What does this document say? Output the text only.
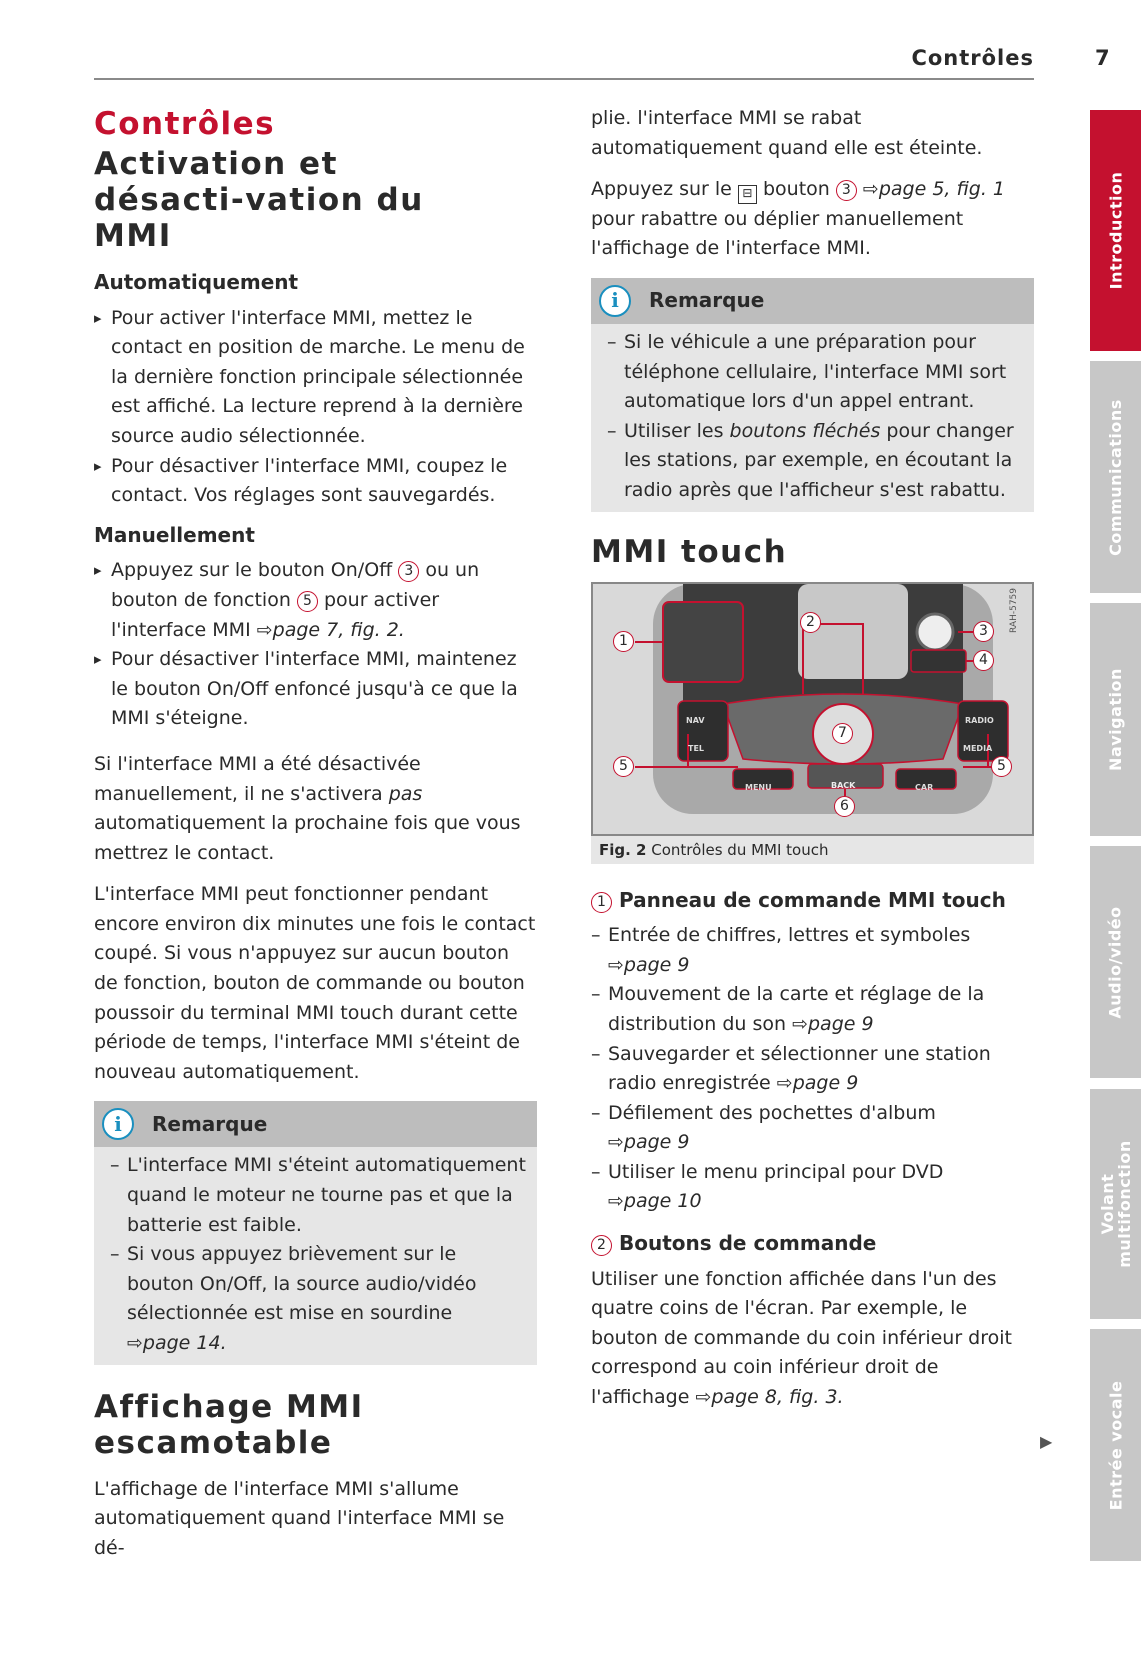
Contrôles	7
Contrôles
Activation et désacti-vation du MMI
Automatiquement
▸ Pour activer l'interface MMI, mettez le contact en position de marche. Le menu de la dernière fonction principale sélectionnée est affiché. La lecture reprend à la dernière source audio sélectionnée.
▸ Pour désactiver l'interface MMI, coupez le contact. Vos réglages sont sauvegardés.
Manuellement
▸ Appuyez sur le bouton On/Off 3 ou un bouton de fonction 5 pour activer l'interface MMI ⇨page 7, fig. 2.
▸ Pour désactiver l'interface MMI, maintenez le bouton On/Off enfoncé jusqu'à ce que la MMI s'éteigne.

Si l'interface MMI a été désactivée manuellement, il ne s'activera pas automatiquement la prochaine fois que vous mettrez le contact.

L'interface MMI peut fonctionner pendant encore environ dix minutes une fois le contact coupé. Si vous n'appuyez sur aucun bouton de fonction, bouton de commande ou bouton poussoir du terminal MMI touch durant cette période de temps, l'interface MMI s'éteint de nouveau automatiquement.

i	Remarque
– L'interface MMI s'éteint automatiquement quand le moteur ne tourne pas et que la batterie est faible.
– Si vous appuyez brièvement sur le bouton On/Off, la source audio/vidéo sélectionnée est mise en sourdine
⇨page 14.
Affichage MMI escamotable

L'affichage de l'interface MMI s'allume automatiquement quand l'interface MMI se dé-

plie. l'interface MMI se rabat automatiquement quand elle est éteinte.

Appuyez sur le ⊟ bouton 3 ⇨page 5, fig. 1 pour rabattre ou déplier manuellement l'affichage de l'interface MMI.

i	Remarque
– Si le véhicule a une préparation pour téléphone cellulaire, l'interface MMI sort automatique lors d'un appel entrant.
– Utiliser les boutons fléchés pour changer les stations, par exemple, en écoutant la radio après que l'afficheur s'est rabattu.
MMI touch
RAH-5759
NAV
TEL
MENU	BACK	CAR
RADIO
MEDIA
1
2
3
4
5	5
6
7
Fig. 2 Contrôles du MMI touch
1 Panneau de commande MMI touch
– Entrée de chiffres, lettres et symboles
⇨page 9
– Mouvement de la carte et réglage de la distribution du son ⇨page 9
– Sauvegarder et sélectionner une station radio enregistrée ⇨page 9
– Défilement des pochettes d'album
⇨page 9
– Utiliser le menu principal pour DVD
⇨page 10
2 Boutons de commande

Utiliser une fonction affichée dans l'un des quatre coins de l'écran. Par exemple, le bouton de commande du coin inférieur droit correspond au coin inférieur droit de l'affichage ⇨page 8, fig. 3.

▶
Introduction
Communications
Navigation
Audio/vidéo
Volant multifonction
Entrée vocale
